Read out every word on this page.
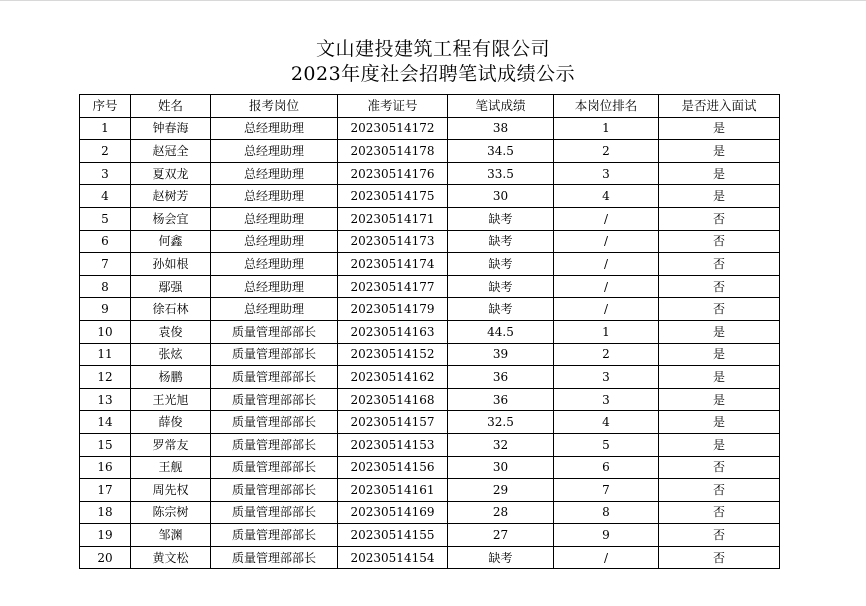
文山建投建筑工程有限公司
2023年度社会招聘笔试成绩公示
序号	姓名	报考岗位	准考证号	笔试成绩	本岗位排名	是否进入面试
1	钟春海	总经理助理	20230514172	38	1	是
2	赵冠全	总经理助理	20230514178	34.5	2	是
3	夏双龙	总经理助理	20230514176	33.5	3	是
4	赵树芳	总经理助理	20230514175	30	4	是
5	杨会宜	总经理助理	20230514171	缺考	/	否
6	何鑫	总经理助理	20230514173	缺考	/	否
7	孙如根	总经理助理	20230514174	缺考	/	否
8	鄢强	总经理助理	20230514177	缺考	/	否
9	徐石林	总经理助理	20230514179	缺考	/	否
10	袁俊	质量管理部部长	20230514163	44.5	1	是
11	张炫	质量管理部部长	20230514152	39	2	是
12	杨鹏	质量管理部部长	20230514162	36	3	是
13	王光旭	质量管理部部长	20230514168	36	3	是
14	薛俊	质量管理部部长	20230514157	32.5	4	是
15	罗常友	质量管理部部长	20230514153	32	5	是
16	王舰	质量管理部部长	20230514156	30	6	否
17	周先权	质量管理部部长	20230514161	29	7	否
18	陈宗树	质量管理部部长	20230514169	28	8	否
19	邹渊	质量管理部部长	20230514155	27	9	否
20	黄文松	质量管理部部长	20230514154	缺考	/	否
